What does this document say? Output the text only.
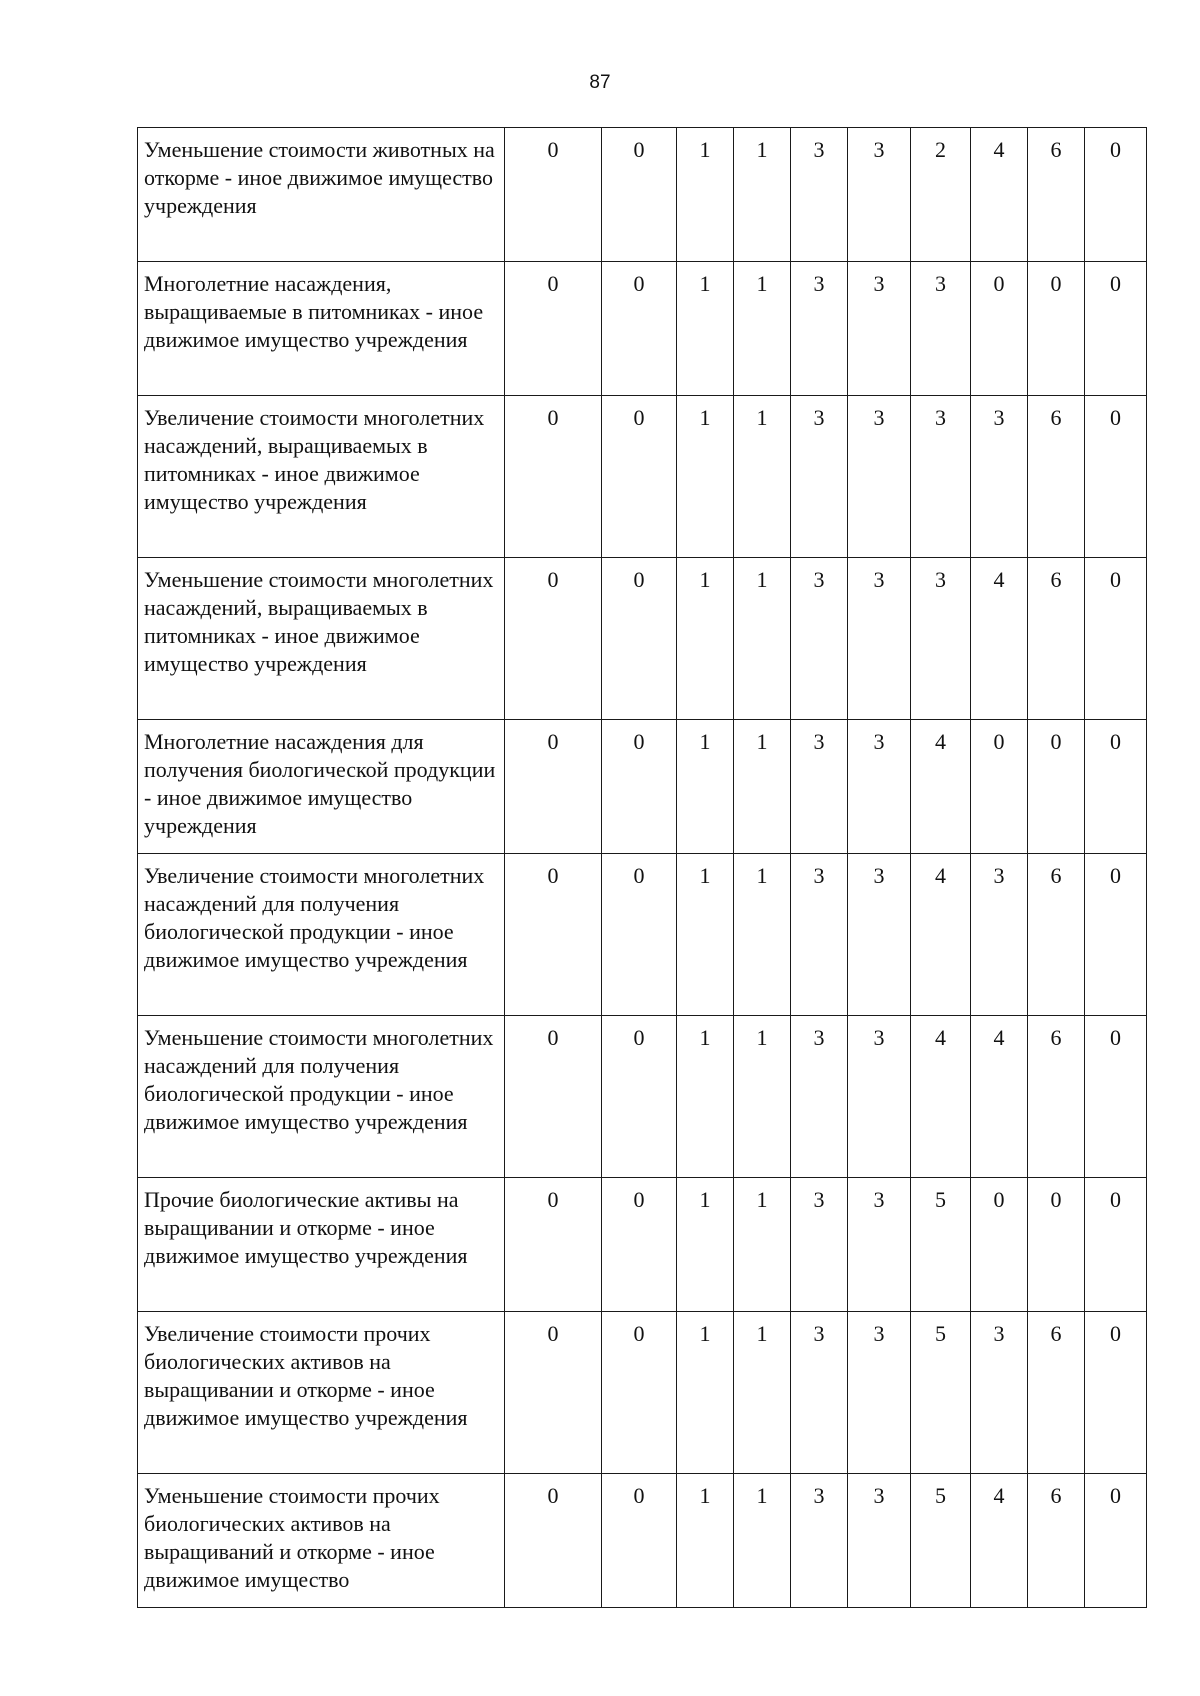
87
Уменьшение стоимости животных на откорме - иное движимое имущество учреждения	0	0	1	1	3	3	2	4	6	0
Многолетние насаждения, выращиваемые в питомниках - иное движимое имущество учреждения	0	0	1	1	3	3	3	0	0	0
Увеличение стоимости многолетних насаждений, выращиваемых в питомниках - иное движимое имущество учреждения	0	0	1	1	3	3	3	3	6	0
Уменьшение стоимости многолетних насаждений, выращиваемых в питомниках - иное движимое имущество учреждения	0	0	1	1	3	3	3	4	6	0
Многолетние насаждения для получения биологической продукции - иное движимое имущество учреждения	0	0	1	1	3	3	4	0	0	0
Увеличение стоимости многолетних насаждений для получения биологической продукции - иное движимое имущество учреждения	0	0	1	1	3	3	4	3	6	0
Уменьшение стоимости многолетних насаждений для получения биологической продукции - иное движимое имущество учреждения	0	0	1	1	3	3	4	4	6	0
Прочие биологические активы на выращивании и откорме - иное движимое имущество учреждения	0	0	1	1	3	3	5	0	0	0
Увеличение стоимости прочих биологических активов на выращивании и откорме - иное движимое имущество учреждения	0	0	1	1	3	3	5	3	6	0
Уменьшение стоимости прочих биологических активов на выращиваний и откорме - иное движимое имущество	0	0	1	1	3	3	5	4	6	0
